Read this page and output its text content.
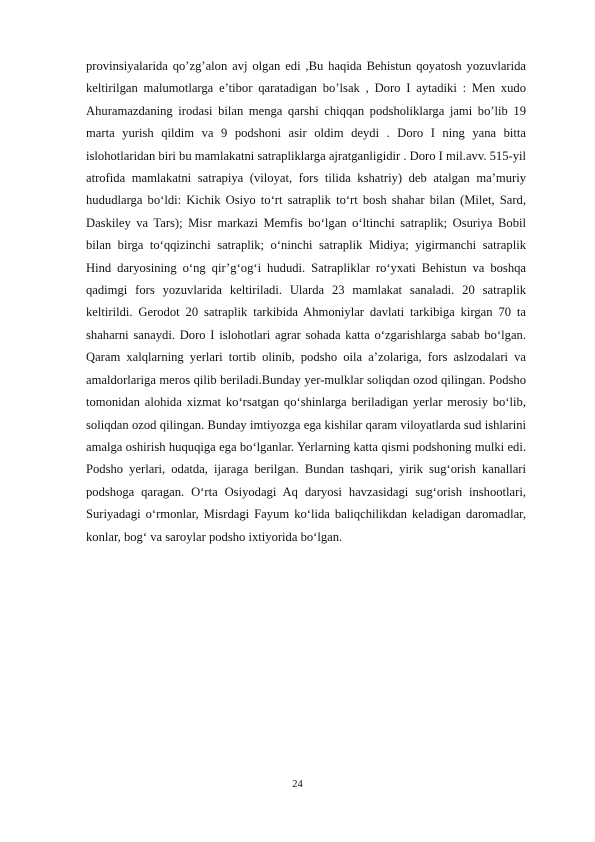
provinsiyalarida qo’zg’alon avj olgan edi ,Bu haqida Behistun qoyatosh yozuvlarida keltirilgan malumotlarga e’tibor qaratadigan bo’lsak , Doro I aytadiki : Men xudo Ahuramazdaning irodasi bilan menga qarshi chiqqan podsholiklarga jami bo’lib 19 marta yurish qildim va 9 podshoni asir oldim deydi . Doro I ning yana bitta islohotlaridan biri bu mamlakatni satrapliklarga ajratganligidir . Doro I mil.avv. 515-yil atrofida mamlakatni satrapiya (viloyat, fors tilida kshatriy) deb atalgan ma’muriy hududlarga bo‘ldi: Kichik Osiyo to‘rt satraplik to‘rt bosh shahar bilan (Milet, Sard, Daskiley va Tars); Misr markazi Memfis bo‘lgan o‘ltinchi satraplik; Osuriya Bobil bilan birga to‘qqizinchi satraplik; o‘ninchi satraplik Midiya; yigirmanchi satraplik Hind daryosining o‘ng qir’g‘og‘i hududi. Satrapliklar ro‘yxati Behistun va boshqa qadimgi fors yozuvlarida keltiriladi. Ularda 23 mamlakat sanaladi. 20 satraplik keltirildi. Gerodot 20 satraplik tarkibida Ahmoniylar davlati tarkibiga kirgan 70 ta shaharni sanaydi. Doro I islohotlari agrar sohada katta o‘zgarishlarga sabab bo‘lgan. Qaram xalqlarning yerlari tortib olinib, podsho oila a’zolariga, fors aslzodalari va amaldorlariga meros qilib beriladi.Bunday yer-mulklar soliqdan ozod qilingan. Podsho tomonidan alohida xizmat ko‘rsatgan qo‘shinlarga beriladigan yerlar merosiy bo‘lib, soliqdan ozod qilingan. Bunday imtiyozga ega kishilar qaram viloyatlarda sud ishlarini amalga oshirish huquqiga ega bo‘lganlar. Yerlarning katta qismi podshoning mulki edi. Podsho yerlari, odatda, ijaraga berilgan. Bundan tashqari, yirik sug‘orish kanallari podshoga qaragan. O‘rta Osiyodagi Aq daryosi havzasidagi sug‘orish inshootlari, Suriyadagi o‘rmonlar, Misrdagi Fayum ko‘lida baliqchilikdan keladigan daromadlar, konlar, bog‘ va saroylar podsho ixtiyorida bo‘lgan.

24
